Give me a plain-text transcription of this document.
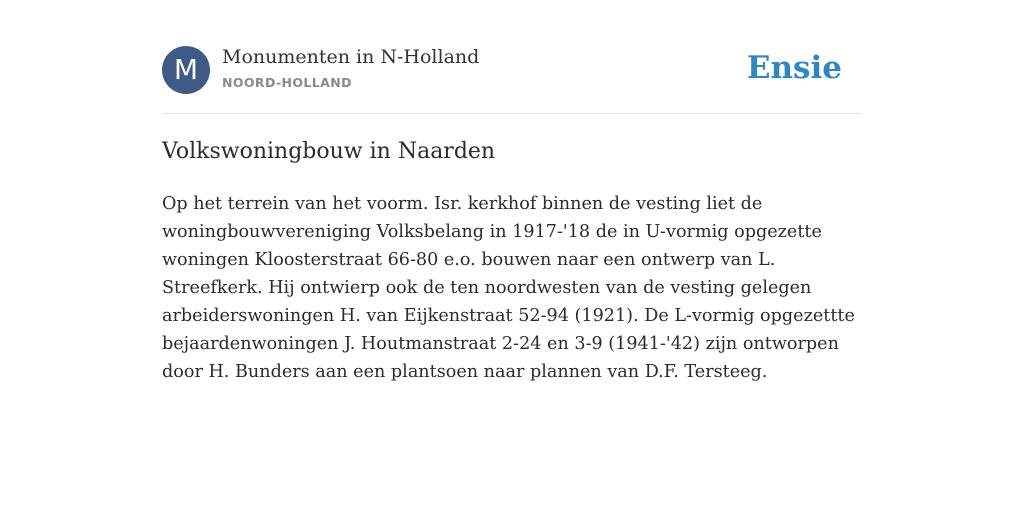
M	Monumenten in N-Holland
NOORD-HOLLAND	Ensie
Volkswoningbouw in Naarden

Op het terrein van het voorm. Isr. kerkhof binnen de vesting liet de woningbouwvereniging Volksbelang in 1917-'18 de in U-vormig opgezette woningen Kloosterstraat 66-80 e.o. bouwen naar een ontwerp van L. Streefkerk. Hij ontwierp ook de ten noordwesten van de vesting gelegen arbeiderswoningen H. van Eijkenstraat 52-94 (1921). De L-vormig opgezettte bejaardenwoningen J. Houtmanstraat 2-24 en 3-9 (1941-'42) zijn ontworpen door H. Bunders aan een plantsoen naar plannen van D.F. Tersteeg.
